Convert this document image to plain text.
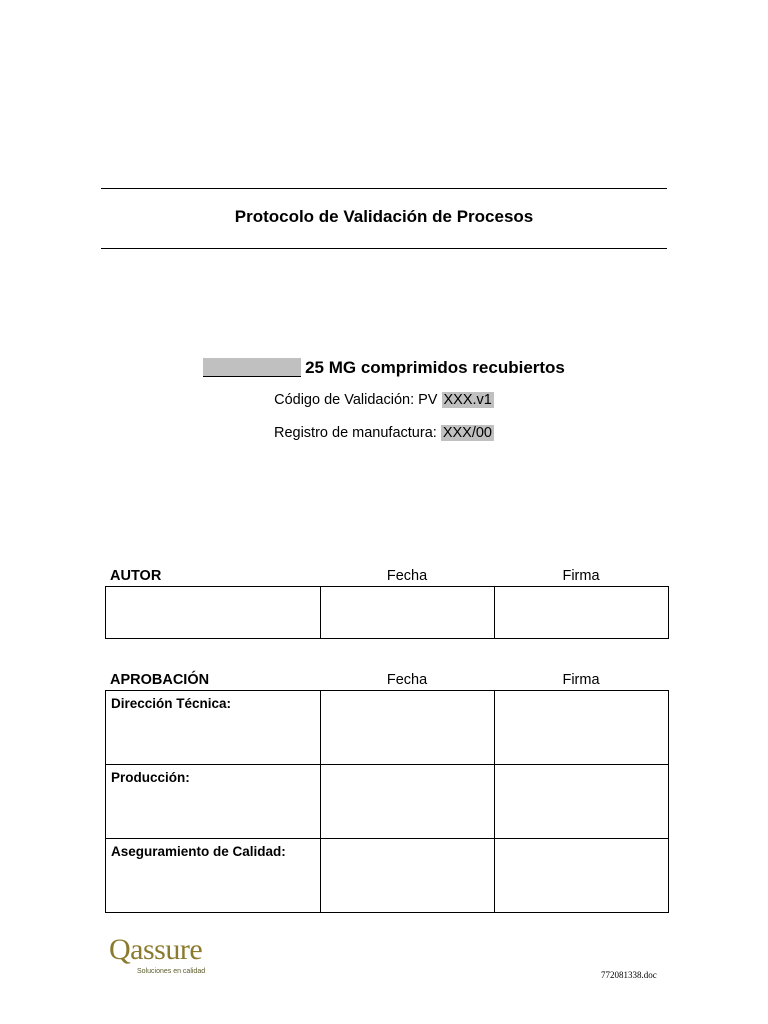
Protocolo de Validación de Procesos
25 MG comprimidos recubiertos
Código de Validación: PV XXX.v1
Registro de manufactura: XXX/00
AUTOR	Fecha	Firma

APROBACIÓN	Fecha	Firma
Dirección Técnica:		
Producción:		
Aseguramiento de Calidad:		
Qassure
Soluciones en calidad	772081338.doc
